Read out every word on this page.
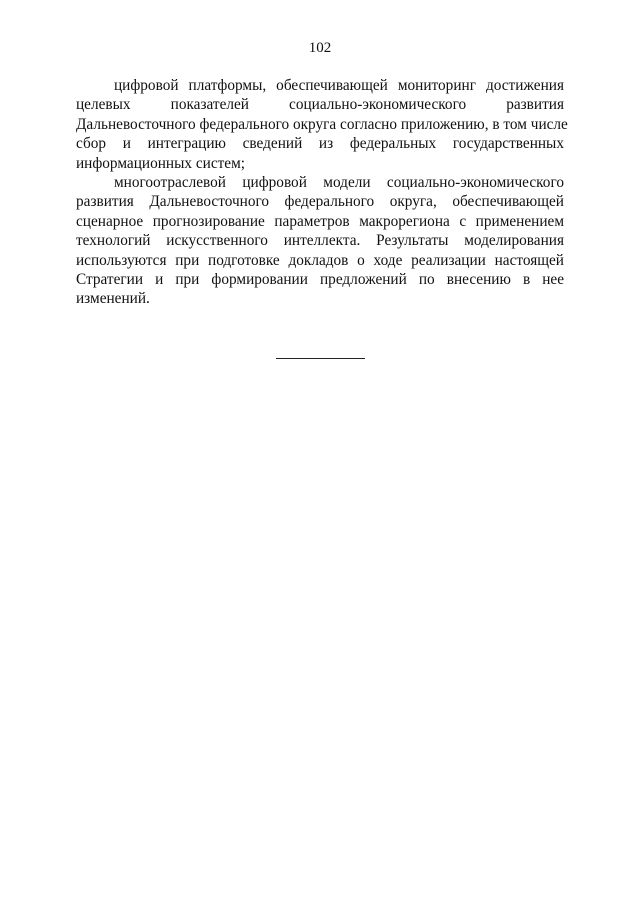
102

цифровой платформы, обеспечивающей мониторинг достижения
целевых показателей социально-экономического развития
Дальневосточного федерального округа согласно приложению, в том числе
сбор и интеграцию сведений из федеральных государственных
информационных систем;

многоотраслевой цифровой модели социально-экономического
развития Дальневосточного федерального округа, обеспечивающей
сценарное прогнозирование параметров макрорегиона с применением
технологий искусственного интеллекта. Результаты моделирования
используются при подготовке докладов о ходе реализации настоящей
Стратегии и при формировании предложений по внесению в нее
изменений.
